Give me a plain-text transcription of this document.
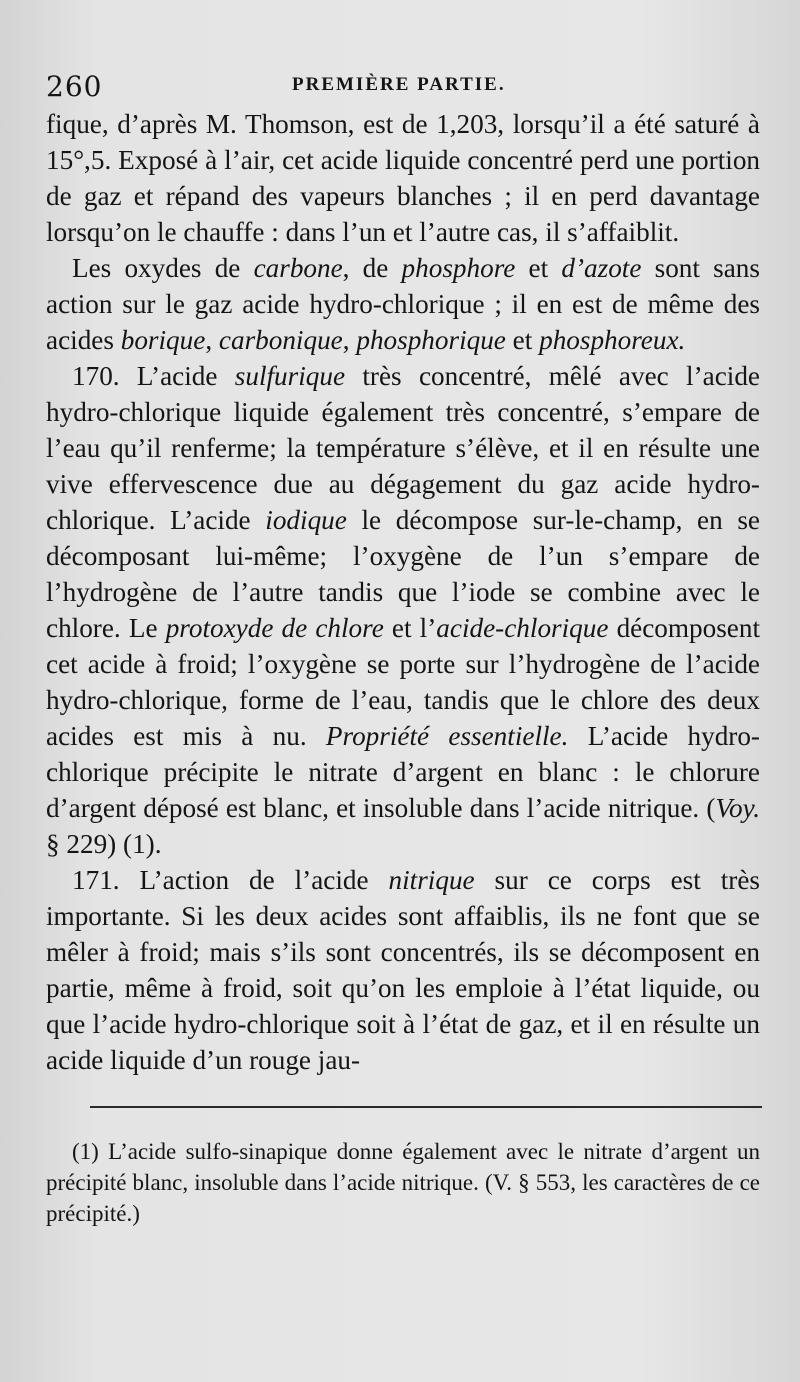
260	PREMIÈRE PARTIE.

fique, d’après M. Thomson, est de 1,203, lorsqu’il a été saturé à 15°,5. Exposé à l’air, cet acide liquide concentré perd une portion de gaz et répand des vapeurs blanches ; il en perd davantage lorsqu’on le chauffe : dans l’un et l’autre cas, il s’affaiblit.

Les oxydes de carbone, de phosphore et d’azote sont sans action sur le gaz acide hydro-chlorique ; il en est de même des acides borique, carbonique, phosphorique et phosphoreux.

170. L’acide sulfurique très concentré, mêlé avec l’acide hydro-chlorique liquide également très concentré, s’empare de l’eau qu’il renferme; la température s’élève, et il en résulte une vive effervescence due au dégagement du gaz acide hydro-chlorique. L’acide iodique le décompose sur-le-champ, en se décomposant lui-même; l’oxygène de l’un s’empare de l’hydrogène de l’autre tandis que l’iode se combine avec le chlore. Le protoxyde de chlore et l’acide-chlorique décomposent cet acide à froid; l’oxygène se porte sur l’hydrogène de l’acide hydro-chlorique, forme de l’eau, tandis que le chlore des deux acides est mis à nu. Propriété essentielle. L’acide hydro-chlorique précipite le nitrate d’argent en blanc : le chlorure d’argent déposé est blanc, et insoluble dans l’acide nitrique. (Voy. § 229) (1).

171. L’action de l’acide nitrique sur ce corps est très importante. Si les deux acides sont affaiblis, ils ne font que se mêler à froid; mais s’ils sont concentrés, ils se décomposent en partie, même à froid, soit qu’on les emploie à l’état liquide, ou que l’acide hydro-chlorique soit à l’état de gaz, et il en résulte un acide liquide d’un rouge jau-

(1) L’acide sulfo-sinapique donne également avec le nitrate d’argent un précipité blanc, insoluble dans l’acide nitrique. (V. § 553, les caractères de ce précipité.)
